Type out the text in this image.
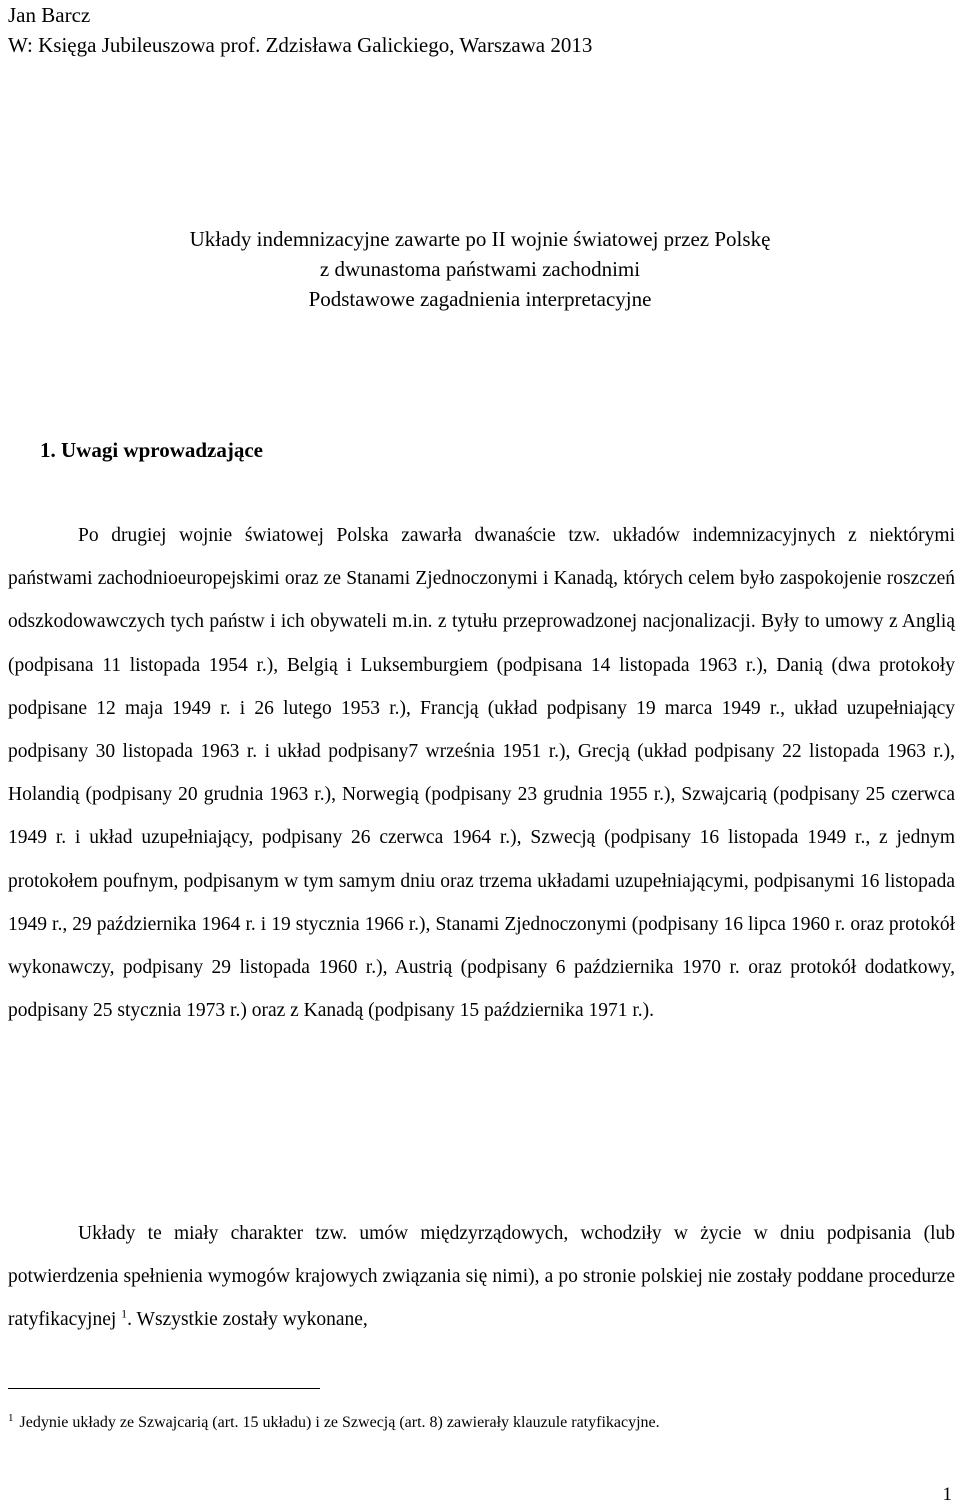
Jan Barcz
W: Księga Jubileuszowa prof. Zdzisława Galickiego, Warszawa 2013
Układy indemnizacyjne zawarte po II wojnie światowej przez Polskę
z dwunastoma państwami zachodnimi
Podstawowe zagadnienia interpretacyjne
1. Uwagi wprowadzające

Po drugiej wojnie światowej Polska zawarła dwanaście tzw. układów indemnizacyjnych z niektórymi państwami zachodnioeuropejskimi oraz ze Stanami Zjednoczonymi i Kanadą, których celem było zaspokojenie roszczeń odszkodowawczych tych państw i ich obywateli m.in. z tytułu przeprowadzonej nacjonalizacji. Były to umowy z Anglią (podpisana 11 listopada 1954 r.), Belgią i Luksemburgiem (podpisana 14 listopada 1963 r.), Danią (dwa protokoły podpisane 12 maja 1949 r. i 26 lutego 1953 r.), Francją (układ podpisany 19 marca 1949 r., układ uzupełniający podpisany 30 listopada 1963 r. i układ podpisany7 września 1951 r.), Grecją (układ podpisany 22 listopada 1963 r.), Holandią (podpisany 20 grudnia 1963 r.), Norwegią (podpisany 23 grudnia 1955 r.), Szwajcarią (podpisany 25 czerwca 1949 r. i układ uzupełniający, podpisany 26 czerwca 1964 r.), Szwecją (podpisany 16 listopada 1949 r., z jednym protokołem poufnym, podpisanym w tym samym dniu oraz trzema układami uzupełniającymi, podpisanymi 16 listopada 1949 r., 29 października 1964 r. i 19 stycznia 1966 r.), Stanami Zjednoczonymi (podpisany 16 lipca 1960 r. oraz protokół wykonawczy, podpisany 29 listopada 1960 r.), Austrią (podpisany 6 października 1970 r. oraz protokół dodatkowy, podpisany 25 stycznia 1973 r.) oraz z Kanadą (podpisany 15 października 1971 r.).

Układy te miały charakter tzw. umów międzyrządowych, wchodziły w życie w dniu podpisania (lub potwierdzenia spełnienia wymogów krajowych związania się nimi), a po stronie polskiej nie zostały poddane procedurze ratyfikacyjnej $^1$. Wszystkie zostały wykonane,

$^1$ Jedynie układy ze Szwajcarią (art. 15 układu) i ze Szwecją (art. 8) zawierały klauzule ratyfikacyjne.
1
